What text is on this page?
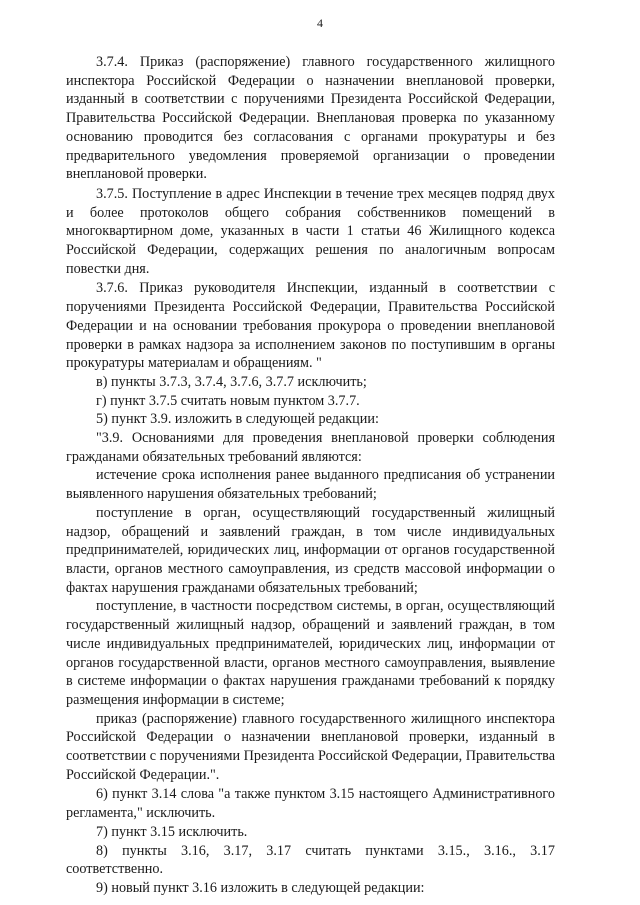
4

3.7.4. Приказ (распоряжение) главного государственного жилищного инспектора Российской Федерации о назначении внеплановой проверки, изданный в соответствии с поручениями Президента Российской Федерации, Правительства Российской Федерации. Внеплановая проверка по указанному основанию проводится без согласования с органами прокуратуры и без предварительного уведомления проверяемой организации о проведении внеплановой проверки.

3.7.5. Поступление в адрес Инспекции в течение трех месяцев подряд двух и более протоколов общего собрания собственников помещений в многоквартирном доме, указанных в части 1 статьи 46 Жилищного кодекса Российской Федерации, содержащих решения по аналогичным вопросам повестки дня.

3.7.6. Приказ руководителя Инспекции, изданный в соответствии с поручениями Президента Российской Федерации, Правительства Российской Федерации и на основании требования прокурора о проведении внеплановой проверки в рамках надзора за исполнением законов по поступившим в органы прокуратуры материалам и обращениям. "

в) пункты 3.7.3, 3.7.4, 3.7.6, 3.7.7 исключить;

г) пункт 3.7.5 считать новым пунктом 3.7.7.

5) пункт 3.9. изложить в следующей редакции:

"3.9. Основаниями для проведения внеплановой проверки соблюдения гражданами обязательных требований являются:

истечение срока исполнения ранее выданного предписания об устранении выявленного нарушения обязательных требований;

поступление в орган, осуществляющий государственный жилищный надзор, обращений и заявлений граждан, в том числе индивидуальных предпринимателей, юридических лиц, информации от органов государственной власти, органов местного самоуправления, из средств массовой информации о фактах нарушения гражданами обязательных требований;

поступление, в частности посредством системы, в орган, осуществляющий государственный жилищный надзор, обращений и заявлений граждан, в том числе индивидуальных предпринимателей, юридических лиц, информации от органов государственной власти, органов местного самоуправления, выявление в системе информации о фактах нарушения гражданами требований к порядку размещения информации в системе;

приказ (распоряжение) главного государственного жилищного инспектора Российской Федерации о назначении внеплановой проверки, изданный в соответствии с поручениями Президента Российской Федерации, Правительства Российской Федерации.".

6) пункт 3.14 слова "а также пунктом 3.15 настоящего Административного регламента," исключить.

7) пункт 3.15 исключить.

8) пункты 3.16, 3.17, 3.17 считать пунктами 3.15., 3.16., 3.17 соответственно.

9) новый пункт 3.16 изложить в следующей редакции:
